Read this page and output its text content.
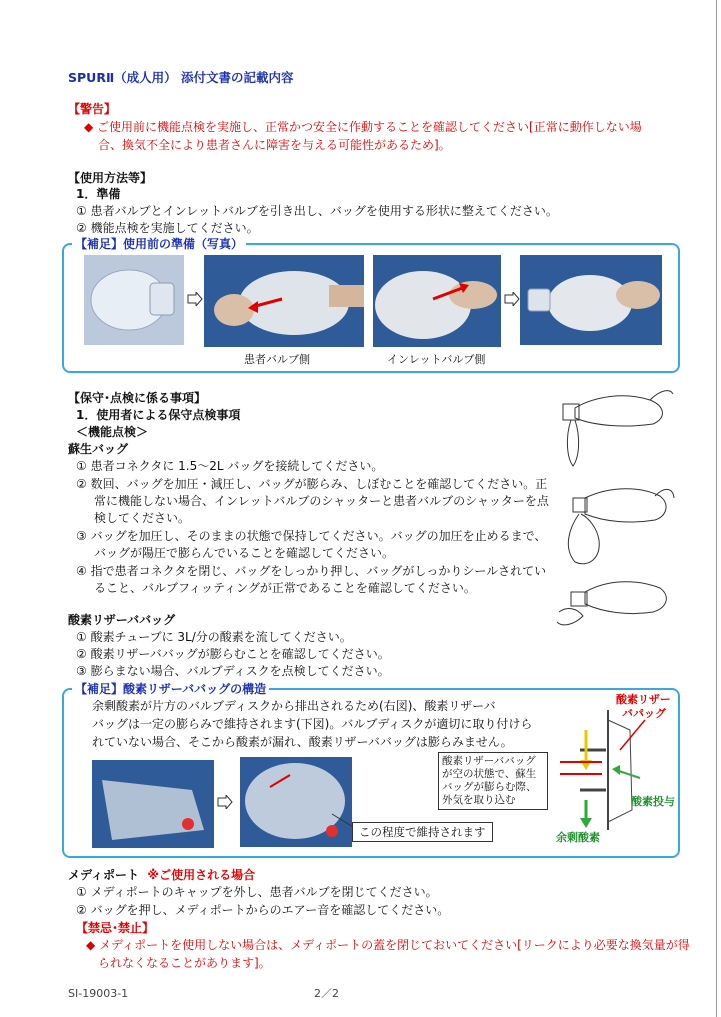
SPURⅡ（成人用） 添付文書の記載内容
【警告】
◆ ご使用前に機能点検を実施し、正常かつ安全に作動することを確認してください[正常に動作しない場
合、換気不全により患者さんに障害を与える可能性があるため]。
【使用方法等】
1．準備
① 患者バルブとインレットバルブを引き出し、バッグを使用する形状に整えてください。
② 機能点検を実施してください。
【補足】使用前の準備（写真）
患者バルブ側	インレットバルブ側
【保守･点検に係る事項】
1．使用者による保守点検事項
＜機能点検＞
蘇生バッグ
① 患者コネクタに 1.5～2L バッグを接続してください。
② 数回、バッグを加圧・減圧し、バッグが膨らみ、しぼむことを確認してください。正
常に機能しない場合、インレットバルブのシャッターと患者バルブのシャッターを点
検してください。
③ バッグを加圧し、そのままの状態で保持してください。バッグの加圧を止めるまで、
バッグが陽圧で膨らんでいることを確認してください。
④ 指で患者コネクタを閉じ、バッグをしっかり押し、バッグがしっかりシールされてい
ること、バルブフィッティングが正常であることを確認してください。
酸素リザーババッグ
① 酸素チューブに 3L/分の酸素を流してください。
② 酸素リザーババッグが膨らむことを確認してください。
③ 膨らまない場合、バルブディスクを点検してください。
【補足】酸素リザーババッグの構造
余剰酸素が片方のバルブディスクから排出されるため(右図)、酸素リザーバ
バッグは一定の膨らみで維持されます(下図)。バルブディスクが適切に取り付けら
れていない場合、そこから酸素が漏れ、酸素リザーババッグは膨らみません。
この程度で維持されます
酸素リザー
バパッグ
酸素リザーババッグ
が空の状態で、蘇生
バッグが膨らむ際、
外気を取り込む	酸素投与
余剰酸素
メディポート ※ご使用される場合
① メディポートのキャップを外し、患者バルブを閉じてください。
② バッグを押し、メディポートからのエアー音を確認してください。
【禁忌･禁止】
◆ メディポートを使用しない場合は、メディポートの蓋を閉じておいてください[リークにより必要な換気量が得
られなくなることがあります]。
SI-19003-1	2／2
